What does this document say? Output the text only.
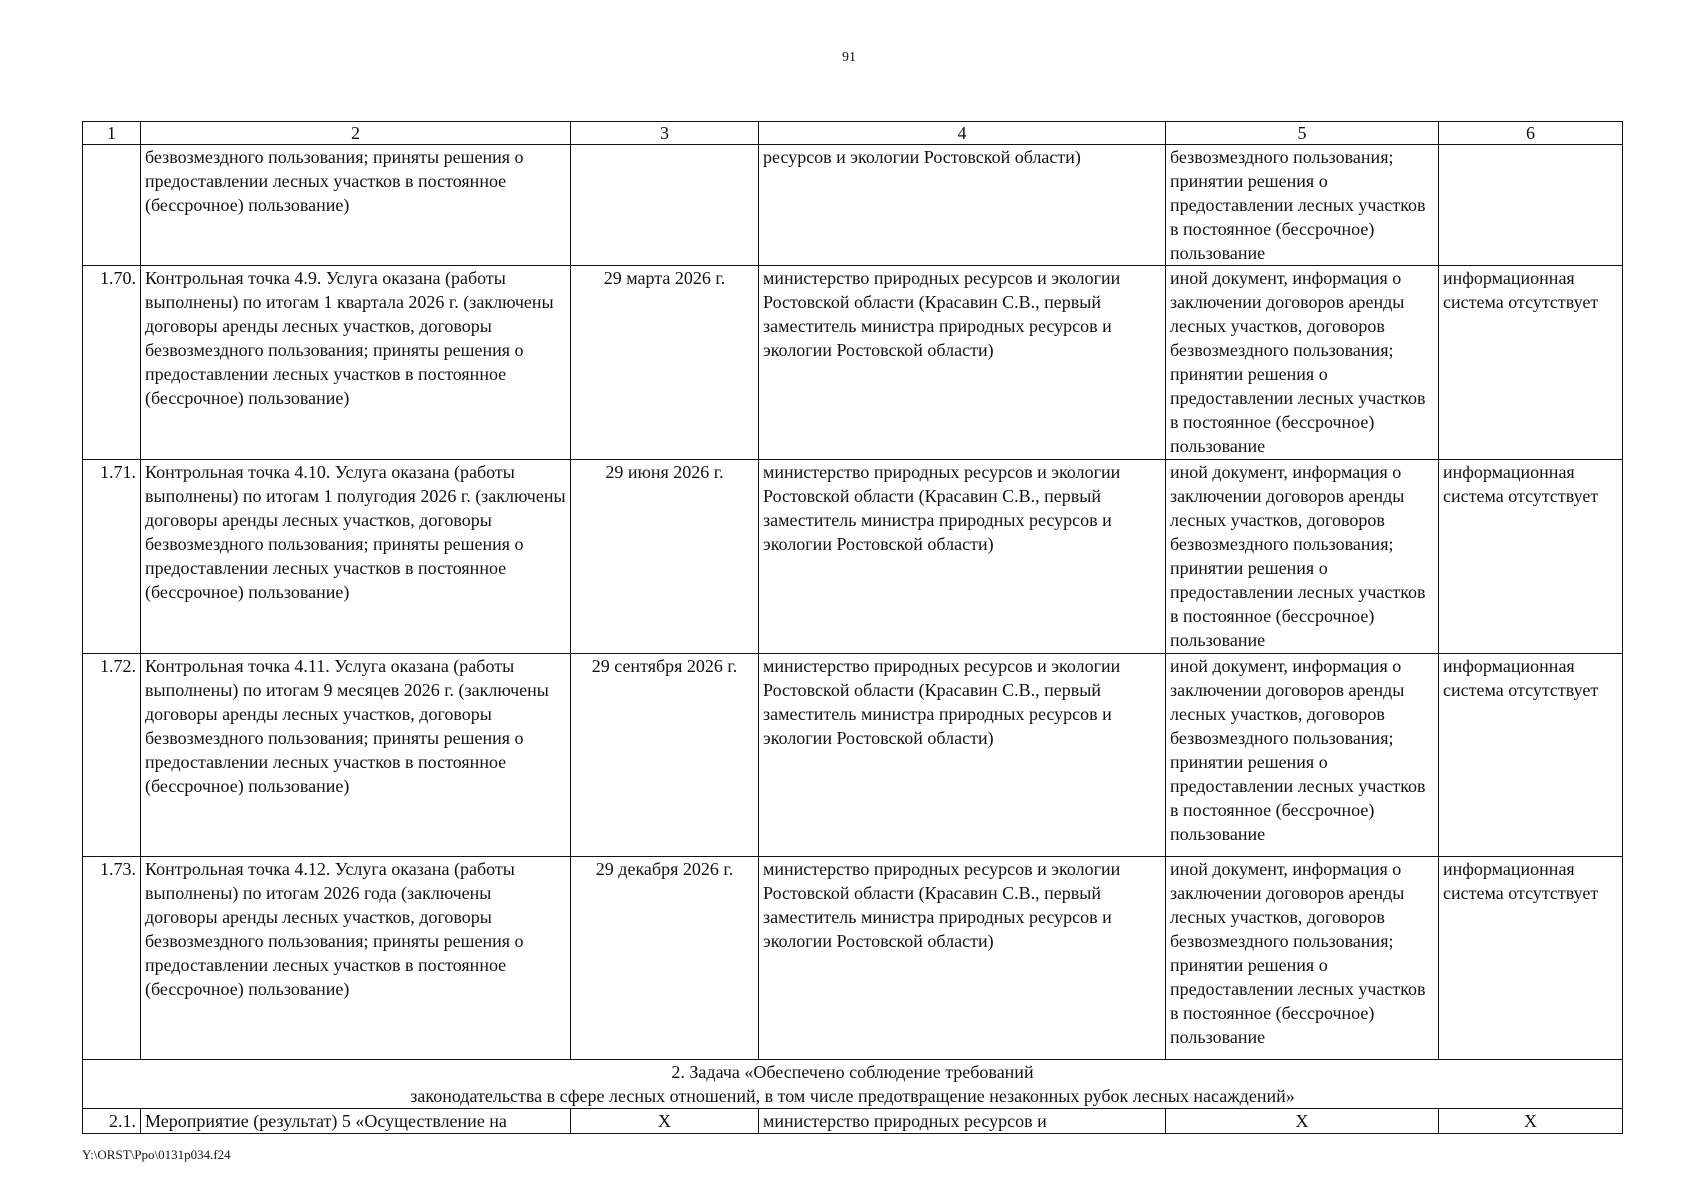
91
1	2	3	4	5	6
	безвозмездного пользования; приняты решения о предоставлении лесных участков в постоянное (бессрочное) пользование)		ресурсов и экологии Ростовской области)	безвозмездного пользования; принятии решения о предоставлении лесных участков в постоянное (бессрочное) пользование	
1.70.	Контрольная точка 4.9. Услуга оказана (работы выполнены) по итогам 1 квартала 2026 г. (заключены договоры аренды лесных участков, договоры безвозмездного пользования; приняты решения о предоставлении лесных участков в постоянное (бессрочное) пользование)	29 марта 2026 г.	министерство природных ресурсов и экологии Ростовской области (Красавин С.В., первый заместитель министра природных ресурсов и экологии Ростовской области)	иной документ, информация о заключении договоров аренды лесных участков, договоров безвозмездного пользования; принятии решения о предоставлении лесных участков в постоянное (бессрочное) пользование	информационная система отсутствует
1.71.	Контрольная точка 4.10. Услуга оказана (работы выполнены) по итогам 1 полугодия 2026 г. (заключены договоры аренды лесных участков, договоры безвозмездного пользования; приняты решения о предоставлении лесных участков в постоянное (бессрочное) пользование)	29 июня 2026 г.	министерство природных ресурсов и экологии Ростовской области (Красавин С.В., первый заместитель министра природных ресурсов и экологии Ростовской области)	иной документ, информация о заключении договоров аренды лесных участков, договоров безвозмездного пользования; принятии решения о предоставлении лесных участков в постоянное (бессрочное) пользование	информационная система отсутствует
1.72.	Контрольная точка 4.11. Услуга оказана (работы выполнены) по итогам 9 месяцев 2026 г. (заключены договоры аренды лесных участков, договоры безвозмездного пользования; приняты решения о предоставлении лесных участков в постоянное (бессрочное) пользование)	29 сентября 2026 г.	министерство природных ресурсов и экологии Ростовской области (Красавин С.В., первый заместитель министра природных ресурсов и экологии Ростовской области)	иной документ, информация о заключении договоров аренды лесных участков, договоров безвозмездного пользования; принятии решения о предоставлении лесных участков в постоянное (бессрочное) пользование	информационная система отсутствует
1.73.	Контрольная точка 4.12. Услуга оказана (работы выполнены) по итогам 2026 года (заключены договоры аренды лесных участков, договоры безвозмездного пользования; приняты решения о предоставлении лесных участков в постоянное (бессрочное) пользование)	29 декабря 2026 г.	министерство природных ресурсов и экологии Ростовской области (Красавин С.В., первый заместитель министра природных ресурсов и экологии Ростовской области)	иной документ, информация о заключении договоров аренды лесных участков, договоров безвозмездного пользования; принятии решения о предоставлении лесных участков в постоянное (бессрочное) пользование	информационная система отсутствует

2. Задача «Обеспечено соблюдение требований
законодательства в сфере лесных отношений, в том числе предотвращение незаконных рубок лесных насаждений»					

2.1.	Мероприятие (результат) 5 «Осуществление на	Х	министерство природных ресурсов и	Х	Х
Y:\ORST\Ppo\0131p034.f24
